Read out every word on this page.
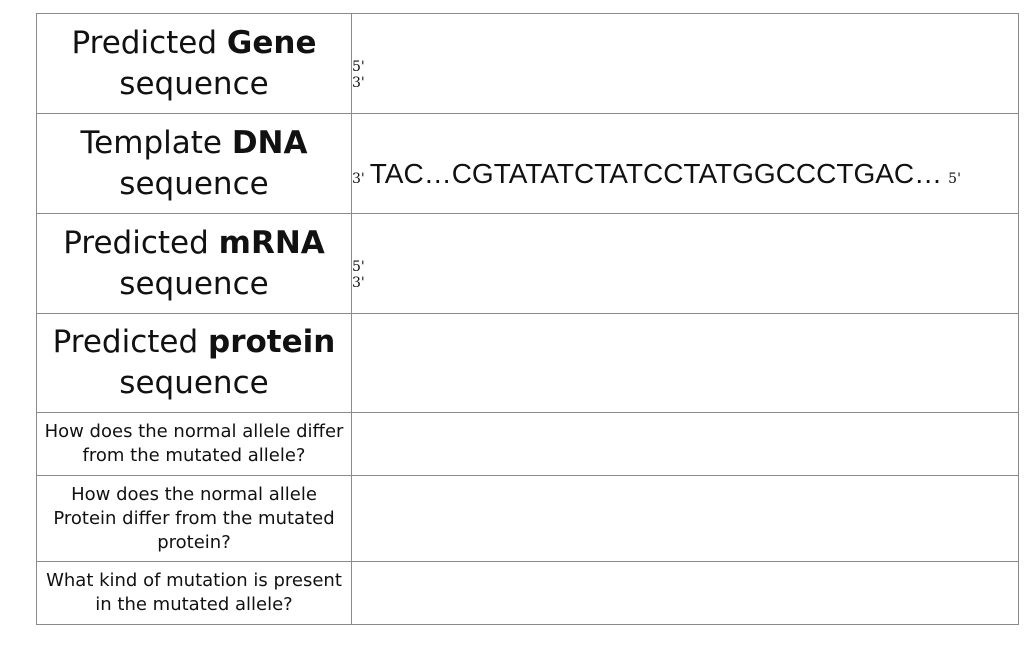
Predicted Gene
sequence	5'
3'

Template DNA
sequence	3' TAC…CGTATATCTATCCTATGGCCCTGAC… 5'

Predicted mRNA
sequence	5'
3'

Predicted protein
sequence	
How does the normal allele differ from the mutated allele?	
How does the normal allele Protein differ from the mutated protein?	
What kind of mutation is present in the mutated allele?	
